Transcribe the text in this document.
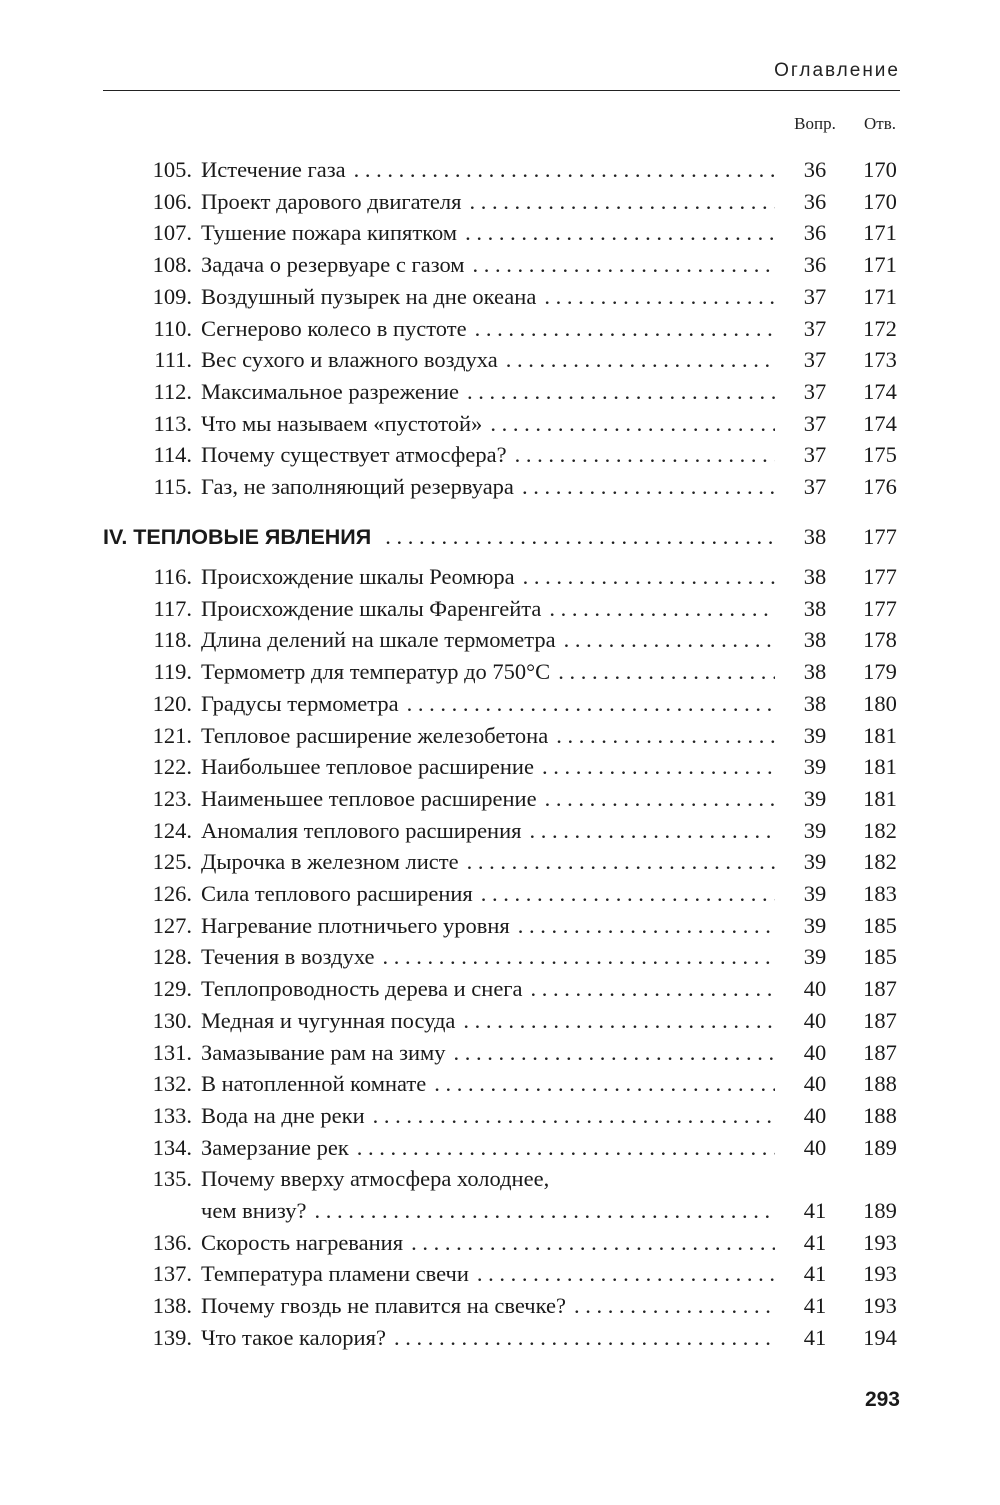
Оглавление
Вопр.	Отв.
105. Истечение газа . . .	36	170
106. Проект дарового двигателя . . .	36	170
107. Тушение пожара кипятком . . .	36	171
108. Задача о резервуаре с газом . . .	36	171
109. Воздушный пузырек на дне океана . . .	37	171
110. Сегнерово колесо в пустоте . . .	37	172
111. Вес сухого и влажного воздуха . . .	37	173
112. Максимальное разрежение . . .	37	174
113. Что мы называем «пустотой» . . .	37	174
114. Почему существует атмосфера? . . .	37	175
115. Газ, не заполняющий резервуара . . .	37	176
IV. ТЕПЛОВЫЕ ЯВЛЕНИЯ . . .	38	177
116. Происхождение шкалы Реомюра . . .	38	177
117. Происхождение шкалы Фаренгейта . . .	38	177
118. Длина делений на шкале термометра . . .	38	178
119. Термометр для температур до 750°С . . .	38	179
120. Градусы термометра . . .	38	180
121. Тепловое расширение железобетона . . .	39	181
122. Наибольшее тепловое расширение . . .	39	181
123. Наименьшее тепловое расширение . . .	39	181
124. Аномалия теплового расширения . . .	39	182
125. Дырочка в железном листе . . .	39	182
126. Сила теплового расширения . . .	39	183
127. Нагревание плотничьего уровня . . .	39	185
128. Течения в воздухе . . .	39	185
129. Теплопроводность дерева и снега . . .	40	187
130. Медная и чугунная посуда . . .	40	187
131. Замазывание рам на зиму . . .	40	187
132. В натопленной комнате . . .	40	188
133. Вода на дне реки . . .	40	188
134. Замерзание рек . . .	40	189
135. Почему вверху атмосфера холоднее,
чем внизу? . . .	41	189
136. Скорость нагревания . . .	41	193
137. Температура пламени свечи . . .	41	193
138. Почему гвоздь не плавится на свечке? . . .	41	193
139. Что такое калория? . . .	41	194
293
